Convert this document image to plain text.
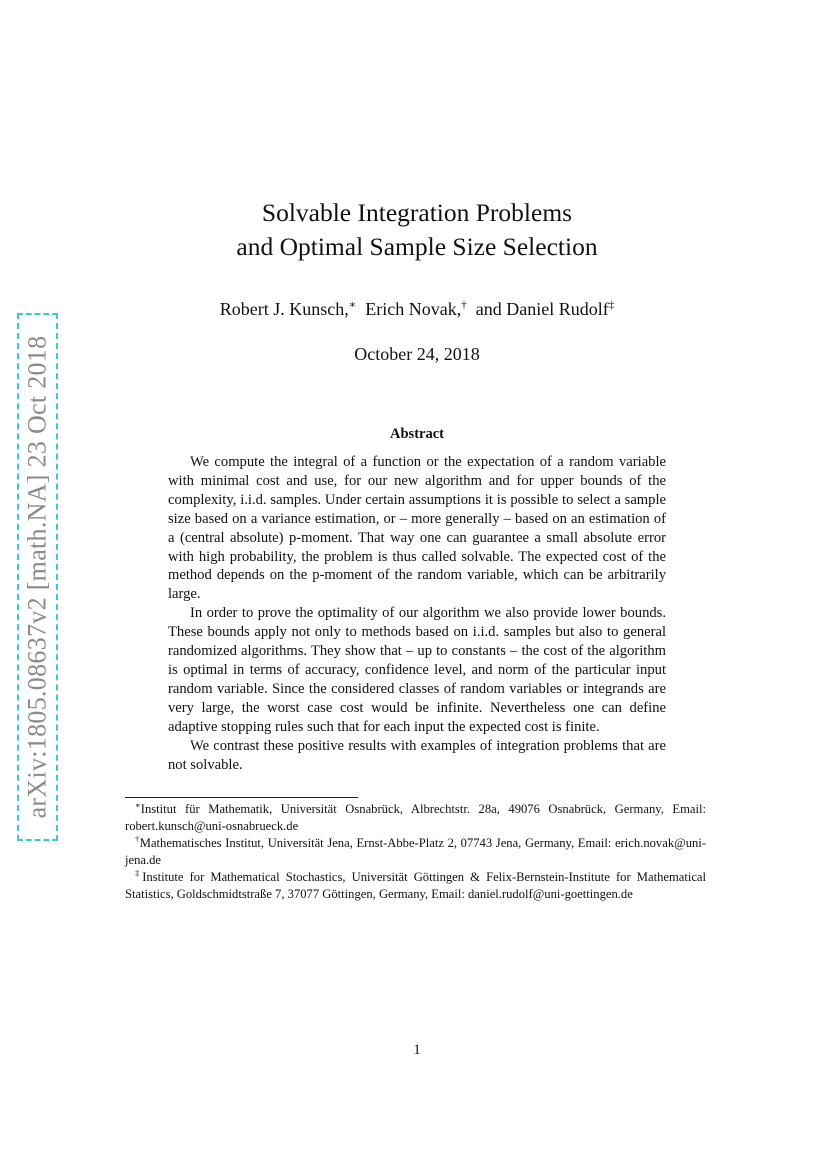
arXiv:1805.08637v2 [math.NA] 23 Oct 2018
Solvable Integration Problems
and Optimal Sample Size Selection
Robert J. Kunsch,∗ Erich Novak,† and Daniel Rudolf‡
October 24, 2018
Abstract

We compute the integral of a function or the expectation of a random variable with minimal cost and use, for our new algorithm and for upper bounds of the complexity, i.i.d. samples. Under certain assumptions it is possible to select a sample size based on a variance estimation, or – more generally – based on an estimation of a (central absolute) p-moment. That way one can guarantee a small absolute error with high probability, the problem is thus called solvable. The expected cost of the method depends on the p-moment of the random variable, which can be arbitrarily large.

In order to prove the optimality of our algorithm we also provide lower bounds. These bounds apply not only to methods based on i.i.d. samples but also to general randomized algorithms. They show that – up to constants – the cost of the algorithm is optimal in terms of accuracy, confidence level, and norm of the particular input random variable. Since the considered classes of random variables or integrands are very large, the worst case cost would be infinite. Nevertheless one can define adaptive stopping rules such that for each input the expected cost is finite.

We contrast these positive results with examples of integration problems that are not solvable.

∗Institut für Mathematik, Universität Osnabrück, Albrechtstr. 28a, 49076 Osnabrück, Germany, Email: robert.kunsch@uni-osnabrueck.de

†Mathematisches Institut, Universität Jena, Ernst-Abbe-Platz 2, 07743 Jena, Germany, Email: erich.novak@uni-jena.de

‡Institute for Mathematical Stochastics, Universität Göttingen & Felix-Bernstein-Institute for Mathematical Statistics, Goldschmidtstraße 7, 37077 Göttingen, Germany, Email: daniel.rudolf@uni-goettingen.de

1
